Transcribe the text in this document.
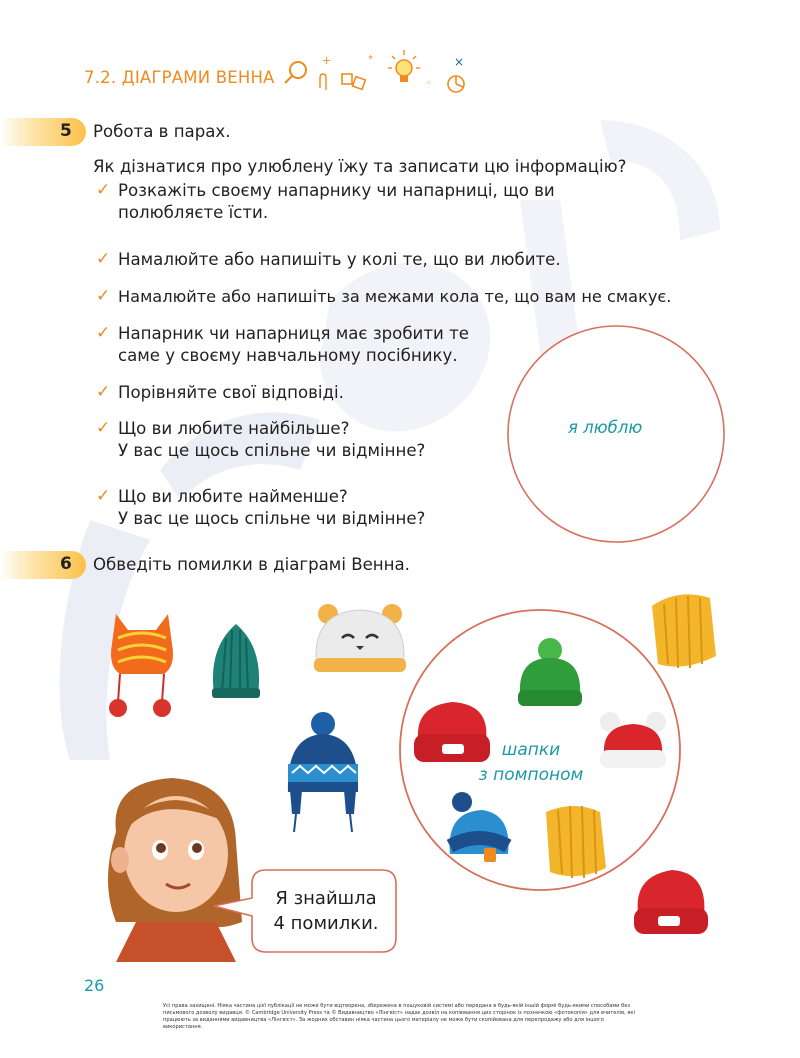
7.2. ДІАГРАМИ ВЕННА
+	*
◦
×
5 Робота в парах.
Як дізнатися про улюблену їжу та записати цю інформацію?
✓ Розкажіть своєму напарнику чи напарниці, що ви
полюбляєте їсти.
✓ Намалюйте або напишіть у колі те, що ви любите.
✓ Намалюйте або напишіть за межами кола те, що вам не смакує.
✓ Напарник чи напарниця має зробити те
саме у своєму навчальному посібнику.
✓ Порівняйте свої відповіді.
✓ Що ви любите найбільше?
У вас це щось спільне чи відмінне?
✓ Що ви любите найменше?
У вас це щось спільне чи відмінне?
я люблю
6 Обведіть помилки в діаграмі Венна.
шапки
з помпоном
Я знайшла
4 помилки.
26
Усі права захищені. Ніяка частина цієї публікації не може бути відтворена, збережена в пошуковій системі або передана в будь-якій іншій формі будь-якими способами без письмового дозволу видавця. © Cambridge University Press та © Видавництво «Лінгвіст» надає дозвіл на копіювання цих сторінок із позначкою «фотокопія» для вчителів, які працюють за виданнями видавництва «Лінгвіст». За жодних обставин ніяка частина цього матеріалу не може бути скопійована для перепродажу або для іншого використання.
